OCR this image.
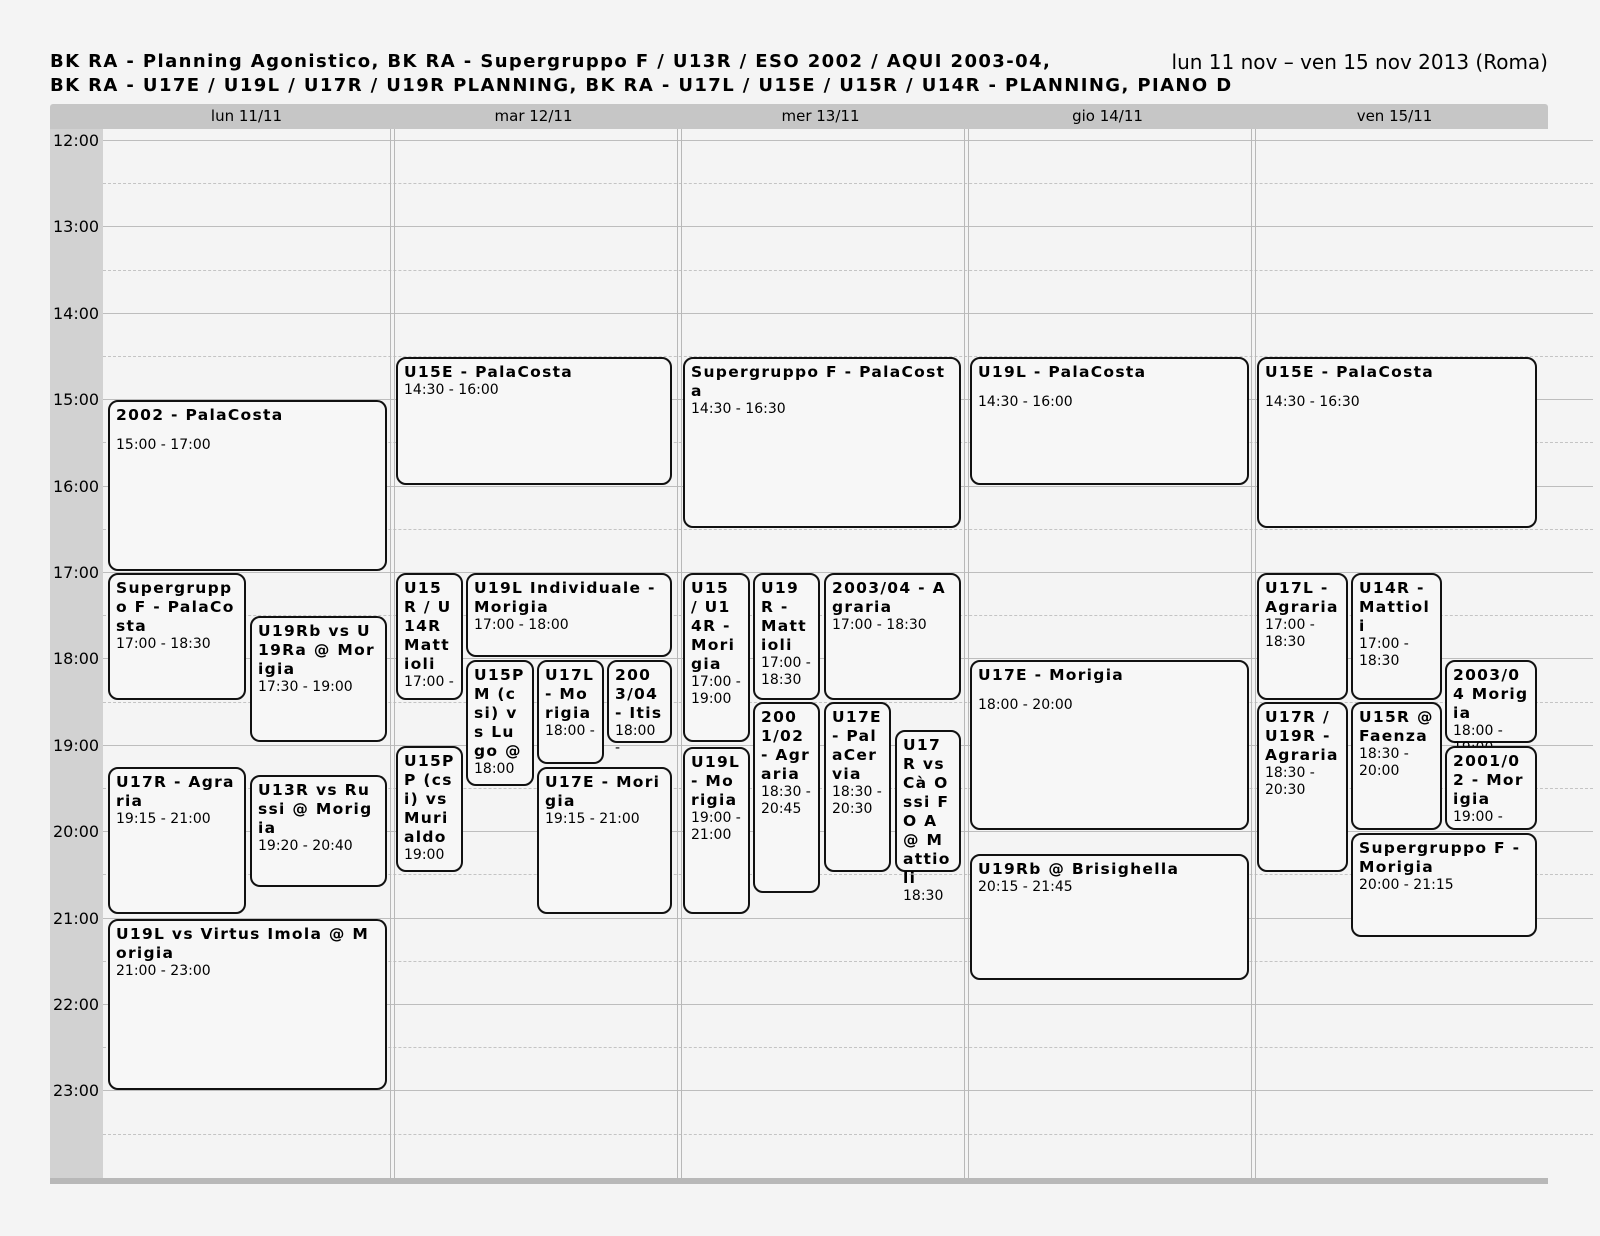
BK RA - Planning Agonistico, BK RA - Supergruppo F / U13R / ESO 2002 / AQUI 2003-04,
BK RA - U17E / U19L / U17R / U19R PLANNING, BK RA - U17L / U15E / U15R / U14R - PLANNING, PIANO D
lun 11 nov – ven 15 nov 2013 (Roma)
lun 11/11	mar 12/11	mer 13/11	gio 14/11	ven 15/11
12:00
13:00
14:00
15:00
16:00
17:00
18:00
19:00
20:00
21:00
22:00
23:00
2002 - PalaCosta
15:00 - 17:00
Supergruppo F - PalaCosta
17:00 - 18:30
U19Rb vs U19Ra @ Morigia
17:30 - 19:00
U17R - Agraria
19:15 - 21:00
U13R vs Russi @ Morigia
19:20 - 20:40
U19L vs Virtus Imola @ Morigia
21:00 - 23:00
U15E - PalaCosta
14:30 - 16:00
U15R / U14R Mattioli
17:00 -
U19L Individuale - Morigia
17:00 - 18:00
U15PM (csi) vs Lugo @
18:00
U17L - Morigia
18:00 -
2003/04 - Itis
18:00 -
U15PP (csi) vs Murialdo
19:00
U17E - Morigia
19:15 - 21:00
Supergruppo F - PalaCosta
14:30 - 16:30
U15 / U14R - Morigia
17:00 - 19:00
U19R - Mattioli
17:00 - 18:30
2003/04 - Agraria
17:00 - 18:30
2001/02 - Agraria
18:30 - 20:45
U17E - PalaCervia
18:30 - 20:30
U17R vs Cà Ossi FO A @ Mattioli
18:30
U19L - Morigia
19:00 - 21:00
U19L - PalaCosta
14:30 - 16:00
U17E - Morigia
18:00 - 20:00
U19Rb @ Brisighella
20:15 - 21:45
U15E - PalaCosta
14:30 - 16:30
U17L - Agraria
17:00 - 18:30
U14R - Mattioli
17:00 - 18:30
2003/04 Morigia
18:00 -
U17R / U19R - Agraria
18:30 - 20:30
U15R @ Faenza
18:30 - 20:00
2001/02 - Morigia
19:00 -
Supergruppo F - Morigia
20:00 - 21:15
